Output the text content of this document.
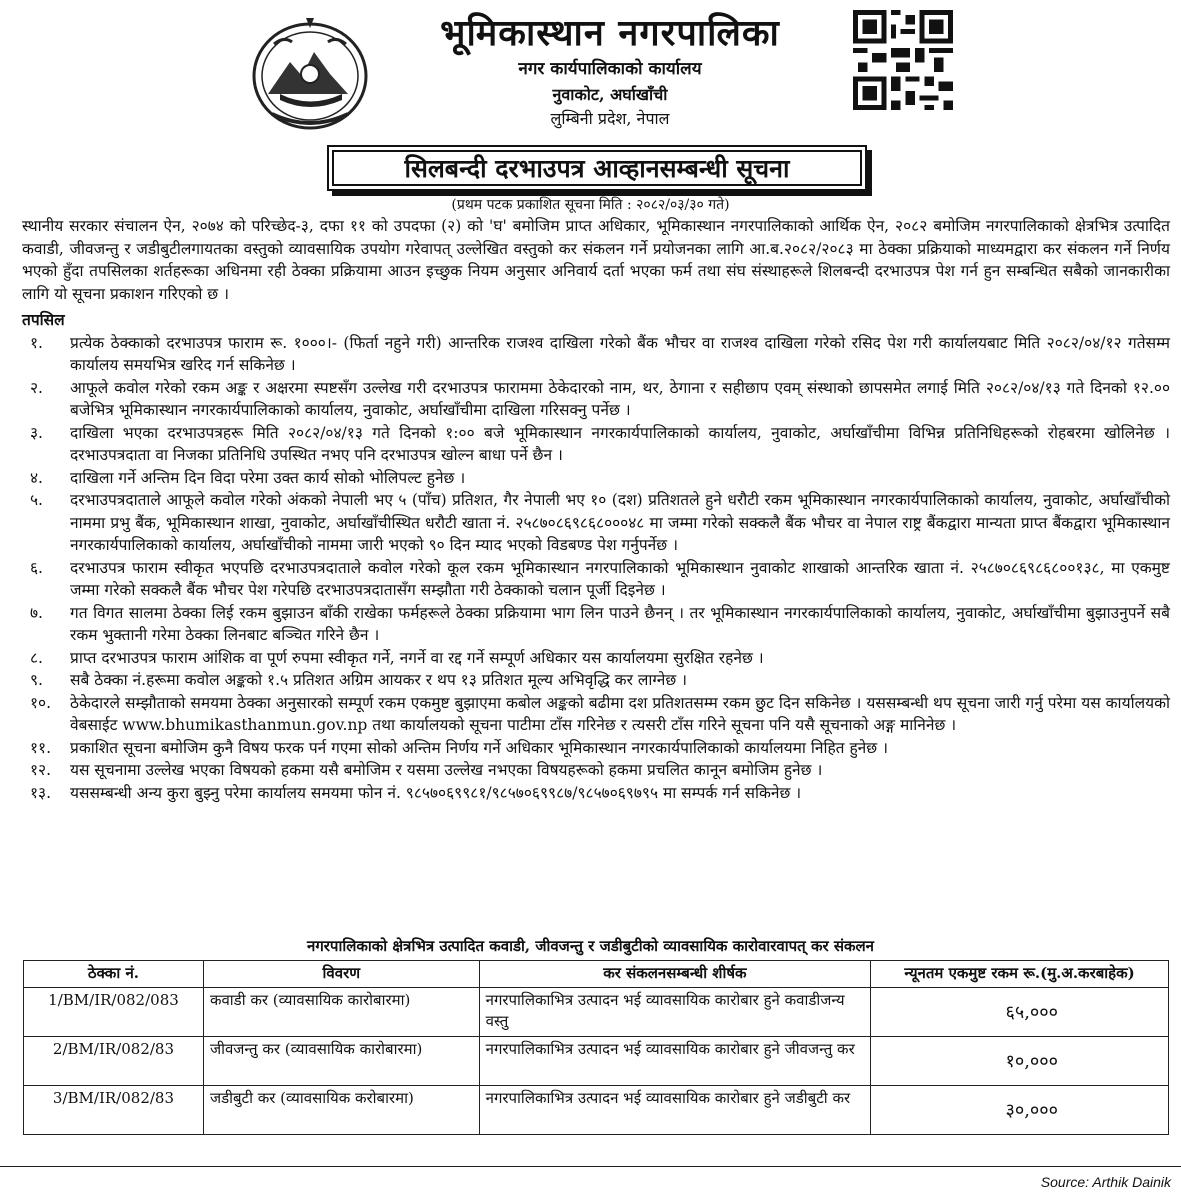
भूमिकास्थान नगरपालिका
नगर कार्यपालिकाको कार्यालय
नुवाकोट, अर्घाखाँची
लुम्बिनी प्रदेश, नेपाल
सिलबन्दी दरभाउपत्र आव्हानसम्बन्धी सूचना
(प्रथम पटक प्रकाशित सूचना मिति : २०८२/०३/३० गते)

स्थानीय सरकार संचालन ऐन, २०७४ को परिच्छेद-३, दफा ११ को उपदफा (२) को 'घ' बमोजिम प्राप्त अधिकार, भूमिकास्थान नगरपालिकाको आर्थिक ऐन, २०८२ बमोजिम नगरपालिकाको क्षेत्रभित्र उत्पादित कवाडी, जीवजन्तु र जडीबुटीलगायतका वस्तुको व्यावसायिक उपयोग गरेवापत् उल्लेखित वस्तुको कर संकलन गर्ने प्रयोजनका लागि आ.ब.२०८२/२०८३ मा ठेक्का प्रक्रियाको माध्यमद्वारा कर संकलन गर्ने निर्णय भएको हुँदा तपसिलका शर्तहरूका अधिनमा रही ठेक्का प्रक्रियामा आउन इच्छुक नियम अनुसार अनिवार्य दर्ता भएका फर्म तथा संघ संस्थाहरूले शिलबन्दी दरभाउपत्र पेश गर्न हुन सम्बन्धित सबैको जानकारीका लागि यो सूचना प्रकाशन गरिएको छ ।

तपसिल
१.	प्रत्येक ठेक्काको दरभाउपत्र फाराम रू. १०००।- (फिर्ता नहुने गरी) आन्तरिक राजश्व दाखिला गरेको बैंक भौचर वा राजश्व दाखिला गरेको रसिद पेश गरी कार्यालयबाट मिति २०८२/०४/१२ गतेसम्म कार्यालय समयभित्र खरिद गर्न सकिनेछ ।
२.	आफूले कवोल गरेको रकम अङ्क र अक्षरमा स्पष्टसँग उल्लेख गरी दरभाउपत्र फाराममा ठेकेदारको नाम, थर, ठेगाना र सहीछाप एवम् संस्थाको छापसमेत लगाई मिति २०८२/०४/१३ गते दिनको १२.०० बजेभित्र भूमिकास्थान नगरकार्यपालिकाको कार्यालय, नुवाकोट, अर्घाखाँचीमा दाखिला गरिसक्नु पर्नेछ ।
३.	दाखिला भएका दरभाउपत्रहरू मिति २०८२/०४/१३ गते दिनको १:०० बजे भूमिकास्थान नगरकार्यपालिकाको कार्यालय, नुवाकोट, अर्घाखाँचीमा विभिन्न प्रतिनिधिहरूको रोहबरमा खोलिनेछ । दरभाउपत्रदाता वा निजका प्रतिनिधि उपस्थित नभए पनि दरभाउपत्र खोल्न बाधा पर्ने छैन ।
४.	दाखिला गर्ने अन्तिम दिन विदा परेमा उक्त कार्य सोको भोलिपल्ट हुनेछ ।
५.	दरभाउपत्रदाताले आफूले कवोल गरेको अंकको नेपाली भए ५ (पाँच) प्रतिशत, गैर नेपाली भए १० (दश) प्रतिशतले हुने धरौटी रकम भूमिकास्थान नगरकार्यपालिकाको कार्यालय, नुवाकोट, अर्घाखाँचीको नाममा प्रभु बैंक, भूमिकास्थान शाखा, नुवाकोट, अर्घाखाँचीस्थित धरौटी खाता नं. २५८७०८६९८६८०००४८ मा जम्मा गरेको सक्कलै बैंक भौचर वा नेपाल राष्ट्र बैंकद्वारा मान्यता प्राप्त बैंकद्वारा भूमिकास्थान नगरकार्यपालिकाको कार्यालय, अर्घाखाँचीको नाममा जारी भएको ९० दिन म्याद भएको विडबण्ड पेश गर्नुपर्नेछ ।
६.	दरभाउपत्र फाराम स्वीकृत भएपछि दरभाउपत्रदाताले कवोल गरेको कूल रकम भूमिकास्थान नगरपालिकाको भूमिकास्थान नुवाकोट शाखाको आन्तरिक खाता नं. २५८७०८६९८६८००१३८, मा एकमुष्ट जम्मा गरेको सक्कलै बैंक भौचर पेश गरेपछि दरभाउपत्रदातासँग सम्झौता गरी ठेक्काको चलान पूर्जी दिइनेछ ।
७.	गत विगत सालमा ठेक्का लिई रकम बुझाउन बाँकी राखेका फर्महरूले ठेक्का प्रक्रियामा भाग लिन पाउने छैनन् । तर भूमिकास्थान नगरकार्यपालिकाको कार्यालय, नुवाकोट, अर्घाखाँचीमा बुझाउनुपर्ने सबै रकम भुक्तानी गरेमा ठेक्का लिनबाट बञ्चित गरिने छैन ।
८.	प्राप्त दरभाउपत्र फाराम आंशिक वा पूर्ण रुपमा स्वीकृत गर्ने, नगर्ने वा रद्द गर्ने सम्पूर्ण अधिकार यस कार्यालयमा सुरक्षित रहनेछ ।
९.	सबै ठेक्का नं.हरूमा कवोल अङ्कको १.५ प्रतिशत अग्रिम आयकर र थप १३ प्रतिशत मूल्य अभिवृद्धि कर लाग्नेछ ।
१०.	ठेकेदारले सम्झौताको समयमा ठेक्का अनुसारको सम्पूर्ण रकम एकमुष्ट बुझाएमा कबोल अङ्कको बढीमा दश प्रतिशतसम्म रकम छुट दिन सकिनेछ । यससम्बन्धी थप सूचना जारी गर्नु परेमा यस कार्यालयको वेबसाईट www.bhumikasthanmun.gov.np तथा कार्यालयको सूचना पाटीमा टाँस गरिनेछ र त्यसरी टाँस गरिने सूचना पनि यसै सूचनाको अङ्ग मानिनेछ ।
११.	प्रकाशित सूचना बमोजिम कुनै विषय फरक पर्न गएमा सोको अन्तिम निर्णय गर्ने अधिकार भूमिकास्थान नगरकार्यपालिकाको कार्यालयमा निहित हुनेछ ।
१२.	यस सूचनामा उल्लेख भएका विषयको हकमा यसै बमोजिम र यसमा उल्लेख नभएका विषयहरूको हकमा प्रचलित कानून बमोजिम हुनेछ ।
१३.	यससम्बन्धी अन्य कुरा बुझ्नु परेमा कार्यालय समयमा फोन नं. ९८५७०६९९८१/९८५७०६९९८७/९८५७०६९७९५ मा सम्पर्क गर्न सकिनेछ ।
नगरपालिकाको क्षेत्रभित्र उत्पादित कवाडी, जीवजन्तु र जडीबुटीको व्यावसायिक कारोवारवापत् कर संकलन
ठेक्का नं.	विवरण	कर संकलनसम्बन्धी शीर्षक	न्यूनतम एकमुष्ट रकम रू.(मु.अ.करबाहेक)
1/BM/IR/082/083	कवाडी कर (व्यावसायिक कारोबारमा)	नगरपालिकाभित्र उत्पादन भई व्यावसायिक कारोबार हुने कवाडीजन्य वस्तु	६५,०००
2/BM/IR/082/83	जीवजन्तु कर (व्यावसायिक कारोबारमा)	नगरपालिकाभित्र उत्पादन भई व्यावसायिक कारोबार हुने जीवजन्तु कर	१०,०००
3/BM/IR/082/83	जडीबुटी कर (व्यावसायिक करोबारमा)	नगरपालिकाभित्र उत्पादन भई व्यावसायिक कारोबार हुने जडीबुटी कर	३०,०००
Source: Arthik Dainik
